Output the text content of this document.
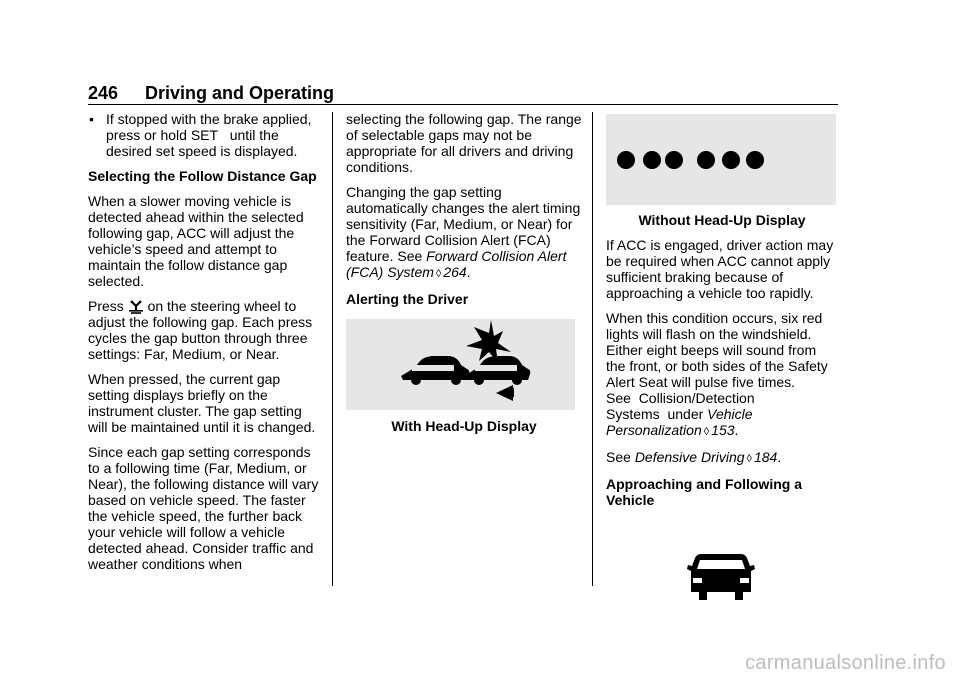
246 Driving and Operating
• If stopped with the brake applied, press or hold SET   until the desired set speed is displayed.

Selecting the Follow Distance Gap

When a slower moving vehicle is detected ahead within the selected following gap, ACC will adjust the vehicle’s speed and attempt to maintain the follow distance gap selected.

Press on the steering wheel to adjust the following gap. Each press cycles the gap button through three settings: Far, Medium, or Near.

When pressed, the current gap setting displays briefly on the instrument cluster. The gap setting will be maintained until it is changed.

Since each gap setting corresponds to a following time (Far, Medium, or Near), the following distance will vary based on vehicle speed. The faster the vehicle speed, the further back your vehicle will follow a vehicle detected ahead. Consider traffic and weather conditions when

selecting the following gap. The range of selectable gaps may not be appropriate for all drivers and driving conditions.

Changing the gap setting automatically changes the alert timing sensitivity (Far, Medium, or Near) for the Forward Collision Alert (FCA) feature. See Forward Collision Alert (FCA) System ◊ 264.

Alerting the Driver

With Head-Up Display

Without Head-Up Display

If ACC is engaged, driver action may be required when ACC cannot apply sufficient braking because of approaching a vehicle too rapidly.

When this condition occurs, six red lights will flash on the windshield. Either eight beeps will sound from the front, or both sides of the Safety Alert Seat will pulse five times. See  Collision/Detection Systems  under Vehicle Personalization ◊ 153.

See Defensive Driving ◊ 184.

Approaching and Following a Vehicle

carmanualsonline.info
